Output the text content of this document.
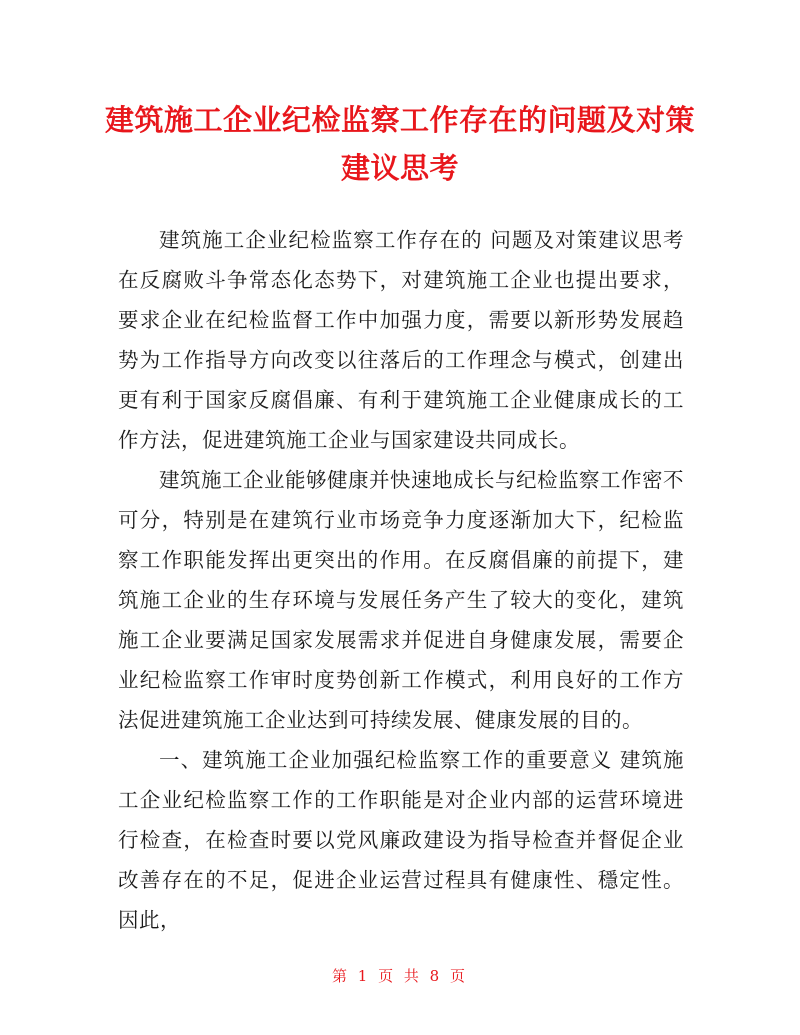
建筑施工企业纪检监察工作存在的问题及对策
建议思考

建筑施工企业纪检监察工作存在的 问题及对策建议思考 在反腐败斗争常态化态势下，对建筑施工企业也提出要求，要求企业在纪检监督工作中加强力度，需要以新形势发展趋势为工作指导方向改变以往落后的工作理念与模式，创建出更有利于国家反腐倡廉、有利于建筑施工企业健康成长的工作方法，促进建筑施工企业与国家建设共同成长。

建筑施工企业能够健康并快速地成长与纪检监察工作密不可分，特别是在建筑行业市场竞争力度逐渐加大下，纪检监察工作职能发挥出更突出的作用。在反腐倡廉的前提下，建筑施工企业的生存环境与发展任务产生了较大的变化，建筑施工企业要满足国家发展需求并促进自身健康发展，需要企业纪检监察工作审时度势创新工作模式，利用良好的工作方法促进建筑施工企业达到可持续发展、健康发展的目的。

一、建筑施工企业加强纪检监察工作的重要意义 建筑施工企业纪检监察工作的工作职能是对企业内部的运营环境进行检查，在检查时要以党风廉政建设为指导检查并督促企业改善存在的不足，促进企业运营过程具有健康性、穩定性。因此，

第 1 页 共 8 页
